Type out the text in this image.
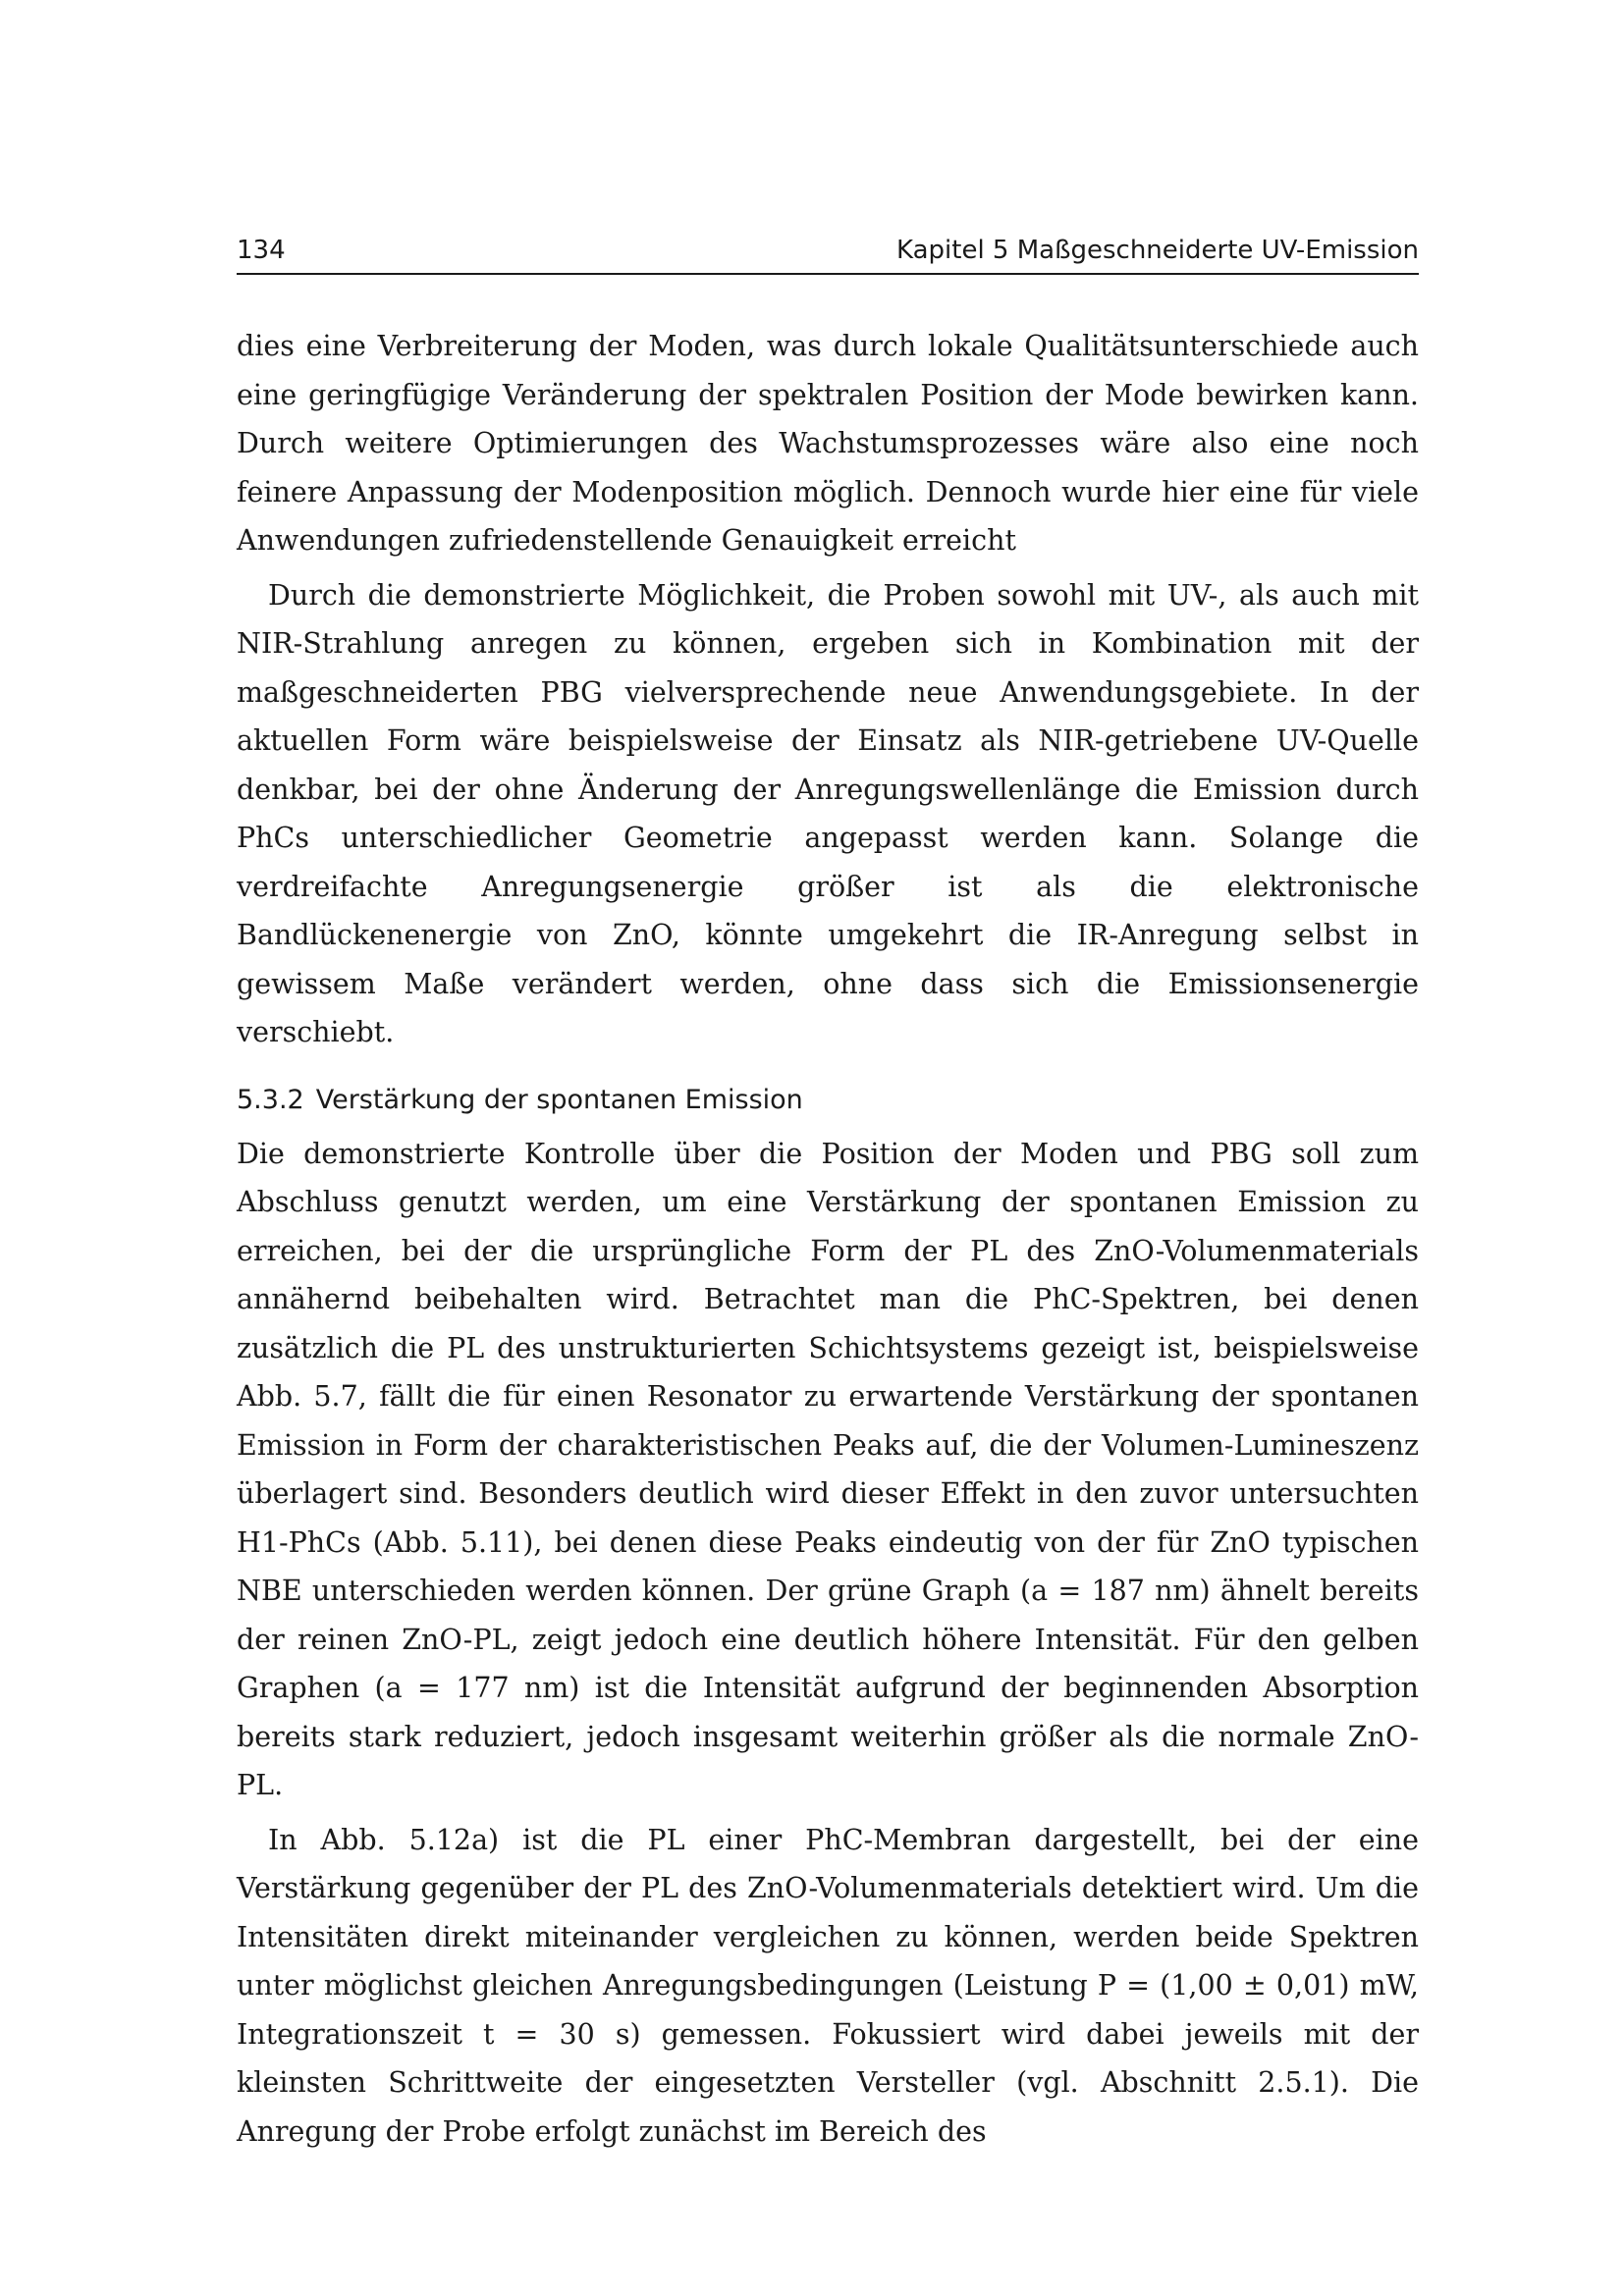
134	Kapitel 5 Maßgeschneiderte UV-Emission

dies eine Verbreiterung der Moden, was durch lokale Qualitätsunterschiede auch eine geringfügige Veränderung der spektralen Position der Mode bewirken kann. Durch weitere Optimierungen des Wachstumsprozesses wäre also eine noch feinere Anpassung der Modenposition möglich. Dennoch wurde hier eine für viele Anwendungen zufriedenstellende Genauigkeit erreicht

Durch die demonstrierte Möglichkeit, die Proben sowohl mit UV-, als auch mit NIR-Strahlung anregen zu können, ergeben sich in Kombination mit der maßgeschneiderten PBG vielversprechende neue Anwendungsgebiete. In der aktuellen Form wäre beispielsweise der Einsatz als NIR-getriebene UV-Quelle denkbar, bei der ohne Änderung der Anregungswellenlänge die Emission durch PhCs unterschiedlicher Geometrie angepasst werden kann. Solange die verdreifachte Anregungsenergie größer ist als die elektronische Bandlückenenergie von ZnO, könnte umgekehrt die IR-Anregung selbst in gewissem Maße verändert werden, ohne dass sich die Emissionsenergie verschiebt.

5.3.2 Verstärkung der spontanen Emission

Die demonstrierte Kontrolle über die Position der Moden und PBG soll zum Abschluss genutzt werden, um eine Verstärkung der spontanen Emission zu erreichen, bei der die ursprüngliche Form der PL des ZnO-Volumenmaterials annähernd beibehalten wird. Betrachtet man die PhC-Spektren, bei denen zusätzlich die PL des unstrukturierten Schichtsystems gezeigt ist, beispielsweise Abb. 5.7, fällt die für einen Resonator zu erwartende Verstärkung der spontanen Emission in Form der charakteristischen Peaks auf, die der Volumen-Lumineszenz überlagert sind. Besonders deutlich wird dieser Effekt in den zuvor untersuchten H1-PhCs (Abb. 5.11), bei denen diese Peaks eindeutig von der für ZnO typischen NBE unterschieden werden können. Der grüne Graph (a = 187 nm) ähnelt bereits der reinen ZnO-PL, zeigt jedoch eine deutlich höhere Intensität. Für den gelben Graphen (a = 177 nm) ist die Intensität aufgrund der beginnenden Absorption bereits stark reduziert, jedoch insgesamt weiterhin größer als die normale ZnO-PL.

In Abb. 5.12a) ist die PL einer PhC-Membran dargestellt, bei der eine Verstärkung gegenüber der PL des ZnO-Volumenmaterials detektiert wird. Um die Intensitäten direkt miteinander vergleichen zu können, werden beide Spektren unter möglichst gleichen Anregungsbedingungen (Leistung P = (1,00 ± 0,01) mW, Integrationszeit t = 30 s) gemessen. Fokussiert wird dabei jeweils mit der kleinsten Schrittweite der eingesetzten Versteller (vgl. Abschnitt 2.5.1). Die Anregung der Probe erfolgt zunächst im Bereich des
